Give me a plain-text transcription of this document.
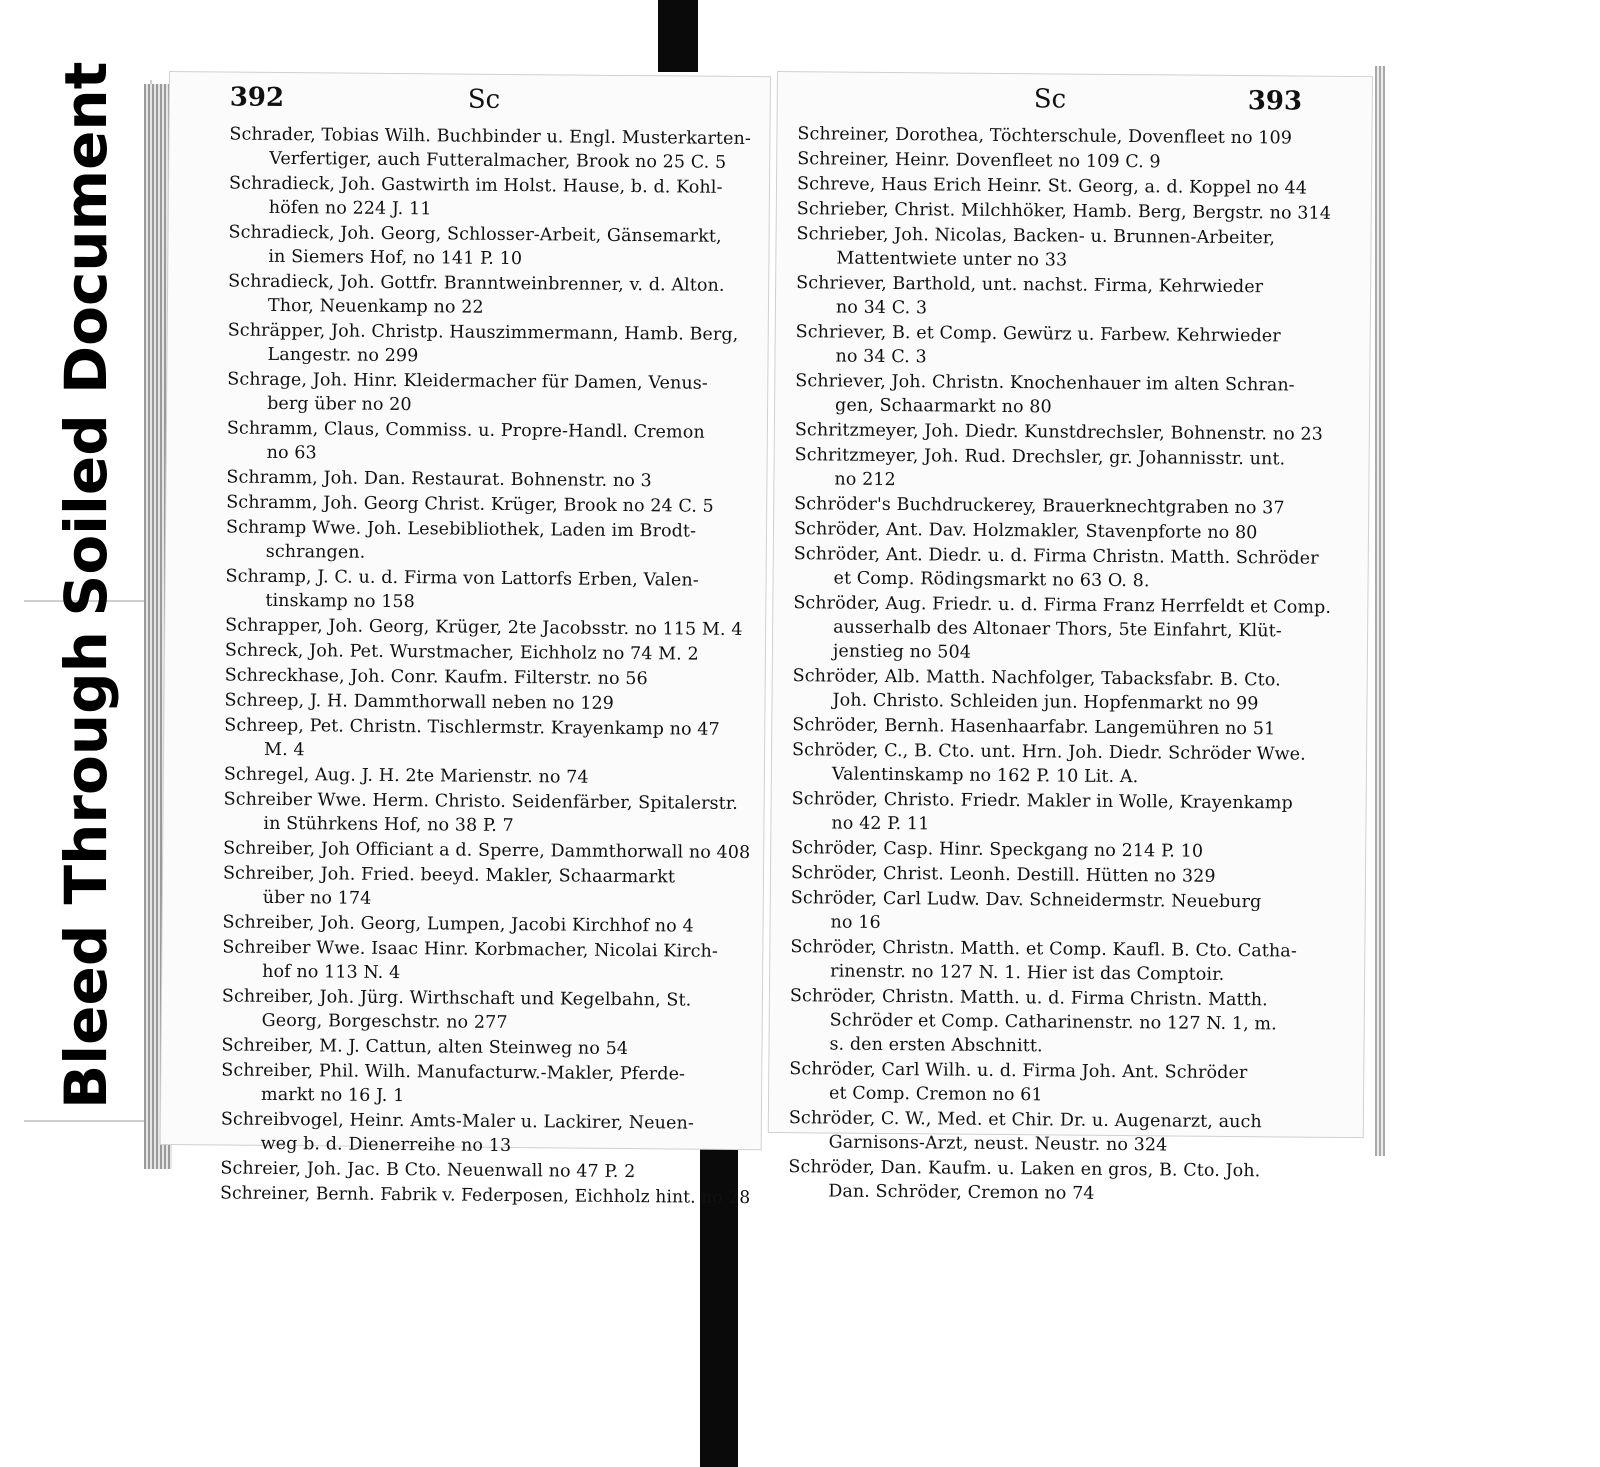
Soiled Document
Bleed Through
392	Sc
Schrader, Tobias Wilh. Buchbinder u. Engl. Musterkarten-
Verfertiger, auch Futteralmacher, Brook no 25 C. 5
Schradieck, Joh. Gastwirth im Holst. Hause, b. d. Kohl-
höfen no 224 J. 11
Schradieck, Joh. Georg, Schlosser-Arbeit, Gänsemarkt,
in Siemers Hof, no 141 P. 10
Schradieck, Joh. Gottfr. Branntweinbrenner, v. d. Alton.
Thor, Neuenkamp no 22
Schräpper, Joh. Christp. Hauszimmermann, Hamb. Berg,
Langestr. no 299
Schrage, Joh. Hinr. Kleidermacher für Damen, Venus-
berg über no 20
Schramm, Claus, Commiss. u. Propre-Handl. Cremon
no 63
Schramm, Joh. Dan. Restaurat. Bohnenstr. no 3
Schramm, Joh. Georg Christ. Krüger, Brook no 24 C. 5
Schramp Wwe. Joh. Lesebibliothek, Laden im Brodt-
schrangen.
Schramp, J. C. u. d. Firma von Lattorfs Erben, Valen-
tinskamp no 158
Schrapper, Joh. Georg, Krüger, 2te Jacobsstr. no 115 M. 4
Schreck, Joh. Pet. Wurstmacher, Eichholz no 74 M. 2
Schreckhase, Joh. Conr. Kaufm. Filterstr. no 56
Schreep, J. H. Dammthorwall neben no 129
Schreep, Pet. Christn. Tischlermstr. Krayenkamp no 47
M. 4
Schregel, Aug. J. H. 2te Marienstr. no 74
Schreiber Wwe. Herm. Christo. Seidenfärber, Spitalerstr.
in Stührkens Hof, no 38 P. 7
Schreiber, Joh Officiant a d. Sperre, Dammthorwall no 408
Schreiber, Joh. Fried. beeyd. Makler, Schaarmarkt
über no 174
Schreiber, Joh. Georg, Lumpen, Jacobi Kirchhof no 4
Schreiber Wwe. Isaac Hinr. Korbmacher, Nicolai Kirch-
hof no 113 N. 4
Schreiber, Joh. Jürg. Wirthschaft und Kegelbahn, St.
Georg, Borgeschstr. no 277
Schreiber, M. J. Cattun, alten Steinweg no 54
Schreiber, Phil. Wilh. Manufacturw.-Makler, Pferde-
markt no 16 J. 1
Schreibvogel, Heinr. Amts-Maler u. Lackirer, Neuen-
weg b. d. Dienerreihe no 13
Schreier, Joh. Jac. B Cto. Neuenwall no 47 P. 2
Schreiner, Bernh. Fabrik v. Federposen, Eichholz hint. no 28
Sc	393
Schreiner, Dorothea, Töchterschule, Dovenfleet no 109
Schreiner, Heinr. Dovenfleet no 109 C. 9
Schreve, Haus Erich Heinr. St. Georg, a. d. Koppel no 44
Schrieber, Christ. Milchhöker, Hamb. Berg, Bergstr. no 314
Schrieber, Joh. Nicolas, Backen- u. Brunnen-Arbeiter,
Mattentwiete unter no 33
Schriever, Barthold, unt. nachst. Firma, Kehrwieder
no 34 C. 3
Schriever, B. et Comp. Gewürz u. Farbew. Kehrwieder
no 34 C. 3
Schriever, Joh. Christn. Knochenhauer im alten Schran-
gen, Schaarmarkt no 80
Schritzmeyer, Joh. Diedr. Kunstdrechsler, Bohnenstr. no 23
Schritzmeyer, Joh. Rud. Drechsler, gr. Johannisstr. unt.
no 212
Schröder's Buchdruckerey, Brauerknechtgraben no 37
Schröder, Ant. Dav. Holzmakler, Stavenpforte no 80
Schröder, Ant. Diedr. u. d. Firma Christn. Matth. Schröder
et Comp. Rödingsmarkt no 63 O. 8.
Schröder, Aug. Friedr. u. d. Firma Franz Herrfeldt et Comp.
ausserhalb des Altonaer Thors, 5te Einfahrt, Klüt-
jenstieg no 504
Schröder, Alb. Matth. Nachfolger, Tabacksfabr. B. Cto.
Joh. Christo. Schleiden jun. Hopfenmarkt no 99
Schröder, Bernh. Hasenhaarfabr. Langemühren no 51
Schröder, C., B. Cto. unt. Hrn. Joh. Diedr. Schröder Wwe.
Valentinskamp no 162 P. 10 Lit. A.
Schröder, Christo. Friedr. Makler in Wolle, Krayenkamp
no 42 P. 11
Schröder, Casp. Hinr. Speckgang no 214 P. 10
Schröder, Christ. Leonh. Destill. Hütten no 329
Schröder, Carl Ludw. Dav. Schneidermstr. Neueburg
no 16
Schröder, Christn. Matth. et Comp. Kaufl. B. Cto. Catha-
rinenstr. no 127 N. 1. Hier ist das Comptoir.
Schröder, Christn. Matth. u. d. Firma Christn. Matth.
Schröder et Comp. Catharinenstr. no 127 N. 1, m.
s. den ersten Abschnitt.
Schröder, Carl Wilh. u. d. Firma Joh. Ant. Schröder
et Comp. Cremon no 61
Schröder, C. W., Med. et Chir. Dr. u. Augenarzt, auch
Garnisons-Arzt, neust. Neustr. no 324
Schröder, Dan. Kaufm. u. Laken en gros, B. Cto. Joh.
Dan. Schröder, Cremon no 74
